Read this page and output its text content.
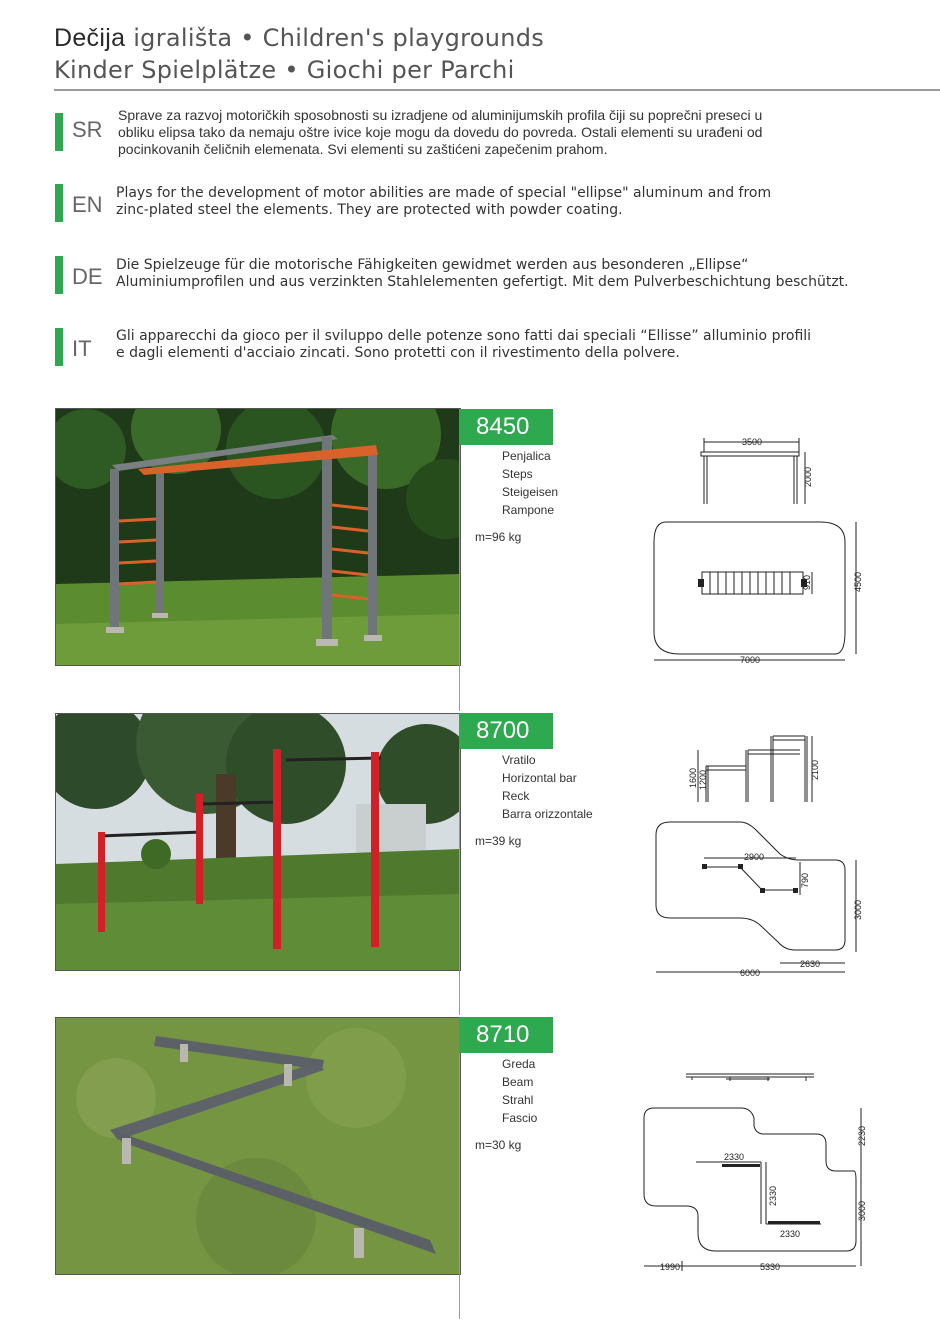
Dečija igrališta • Children's playgrounds
Kinder Spielplätze • Giochi per Parchi
SR
Sprave za razvoj motoričkih sposobnosti su izradjene od aluminijumskih profila čiji su poprečni preseci u
obliku elipsa tako da nemaju oštre ivice koje mogu da dovedu do povreda. Ostali elementi su urađeni od
pocinkovanih čeličnih elemenata. Svi elementi su zaštićeni zapečenim prahom.
EN Plays for the development of motor abilities are made of special "ellipse" aluminum and from
zinc-plated steel the elements. They are protected with powder coating.
DE Die Spielzeuge für die motorische Fähigkeiten gewidmet werden aus besonderen „Ellipse“
Aluminiumprofilen und aus verzinkten Stahlelementen gefertigt. Mit dem Pulverbeschichtung beschützt.
IT Gli apparecchi da gioco per il sviluppo delle potenze sono fatti dai speciali “Ellisse” alluminio profili
e dagli elementi d'acciaio zincati. Sono protetti con il rivestimento della polvere.
8450
Penjalica
Steps
Steigeisen
Rampone
m=96 kg
3500
2000
910	4500
7000
8700
Vratilo
Horizontal bar
Reck
Barra orizzontale
m=39 kg
1600 1200	2100
2900
790
3000
6000
2630
8710
Greda
Beam
Strahl
Fascio
m=30 kg
2330
2330
2330
2230
3000
1990	5330
